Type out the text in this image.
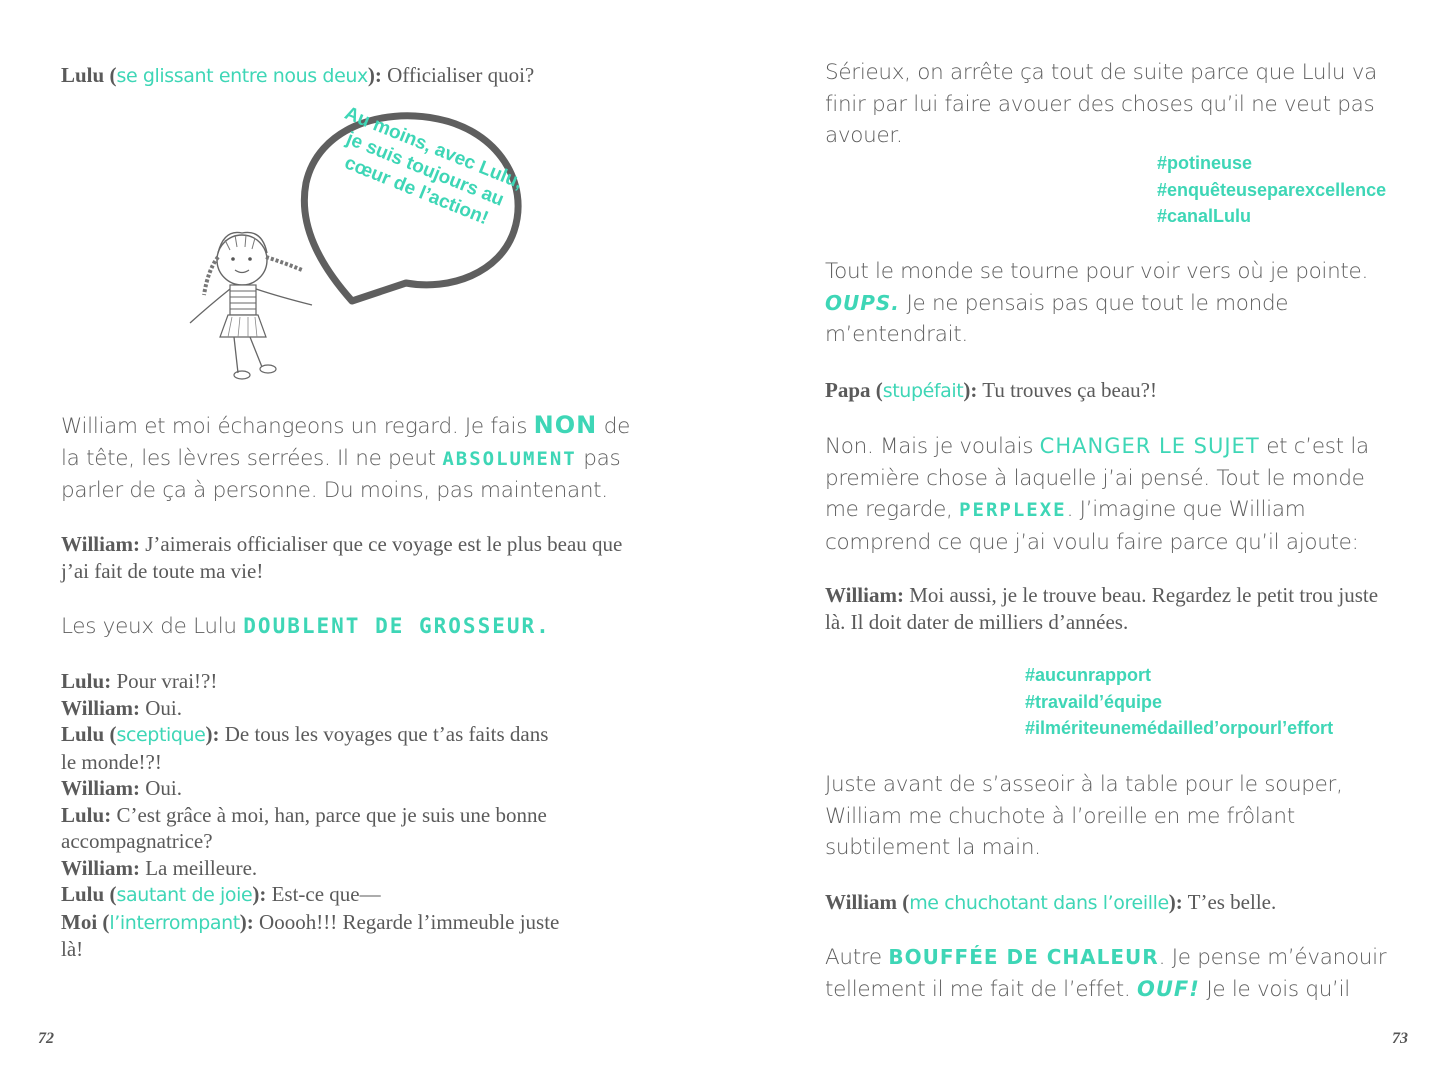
Lulu (se glissant entre nous deux): Officialiser quoi?

Au moins, avec Lulu, je suis toujours au cœur de l’action!

William et moi échangeons un regard. Je fais NON de la tête, les lèvres serrées. Il ne peut ABSOLUMENT pas parler de ça à personne. Du moins, pas maintenant.

William: J’aimerais officialiser que ce voyage est le plus beau que j’ai fait de toute ma vie!

Les yeux de Lulu DOUBLENT DE GROSSEUR.

Lulu: Pour vrai!?!
William: Oui.
Lulu (sceptique): De tous les voyages que t’as faits dans le monde!?!
William: Oui.
Lulu: C’est grâce à moi, han, parce que je suis une bonne accompagnatrice?
William: La meilleure.
Lulu (sautant de joie): Est-ce que—
Moi (l’interrompant): Ooooh!!! Regarde l’immeuble juste là!
72

Sérieux, on arrête ça tout de suite parce que Lulu va finir par lui faire avouer des choses qu’il ne veut pas avouer.

#potineuse
#enquêteuseparexcellence
#canalLulu

Tout le monde se tourne pour voir vers où je pointe. OUPS. Je ne pensais pas que tout le monde m’entendrait.

Papa (stupéfait): Tu trouves ça beau?!

Non. Mais je voulais CHANGER LE SUJET et c’est la première chose à laquelle j’ai pensé. Tout le monde me regarde, PERPLEXE. J’imagine que William comprend ce que j’ai voulu faire parce qu’il ajoute:

William: Moi aussi, je le trouve beau. Regardez le petit trou juste là. Il doit dater de milliers d’années.

#aucunrapport
#travaild’équipe
#ilméritеunemédailled’orpourl’effort

Juste avant de s’asseoir à la table pour le souper, William me chuchote à l’oreille en me frôlant subtilement la main.

William (me chuchotant dans l’oreille): T’es belle.

Autre BOUFFÉE DE CHALEUR. Je pense m’évanouir tellement il me fait de l’effet. OUF! Je le vois qu’il

73
